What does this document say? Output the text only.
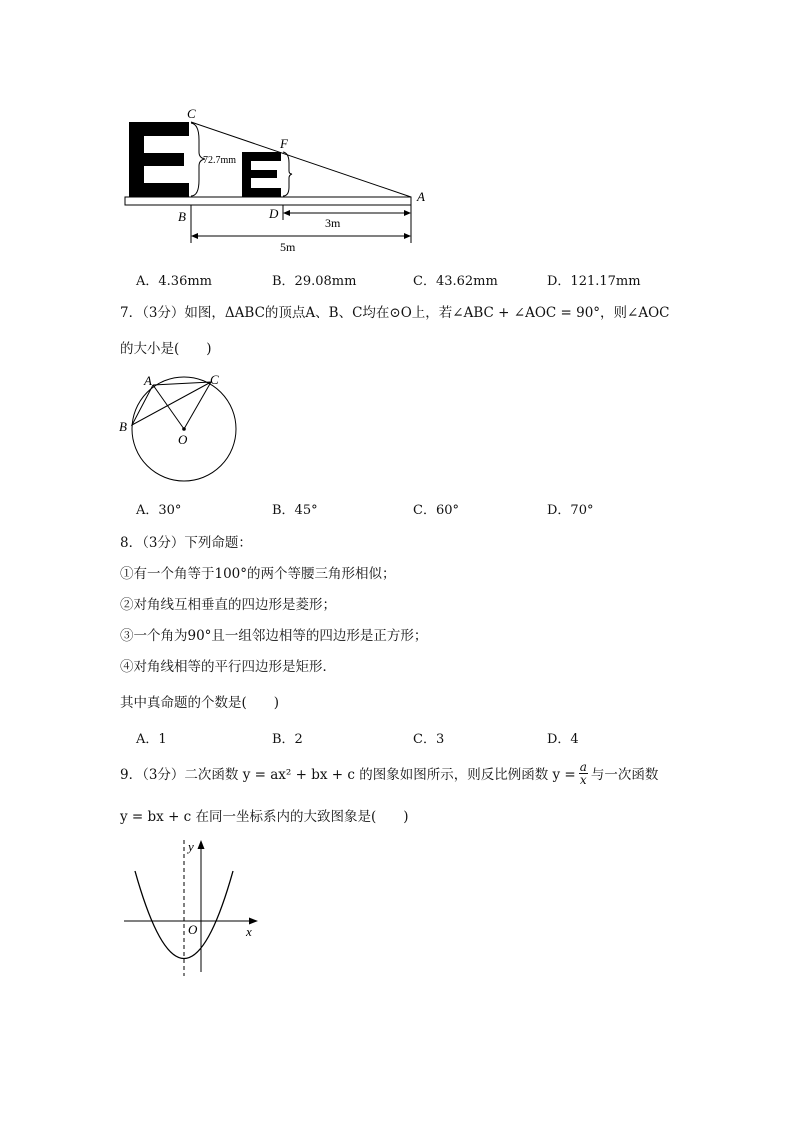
C
F
A
B	D
72.7mm
3m
5m
A．4.36mm	B．29.08mm	C．43.62mm	D．121.17mm
7．（3分）如图，ΔABC的顶点A、B、C均在⊙O上，若∠ABC + ∠AOC = 90°，则∠AOC
的大小是(　　)
A	C
B
O
A．30°	B．45°	C．60°	D．70°
8．（3分）下列命题：
①有一个角等于100°的两个等腰三角形相似；
②对角线互相垂直的四边形是菱形；
③一个角为90°且一组邻边相等的四边形是正方形；
④对角线相等的平行四边形是矩形．
其中真命题的个数是(　　)
A．1	B．2	C．3	D．4
9．（3分）二次函数 y = ax² + bx + c 的图象如图所示，则反比例函数 $y = \frac{a}{x}$ 与一次函数
y = bx + c 在同一坐标系内的大致图象是(　　)
y
x
O
